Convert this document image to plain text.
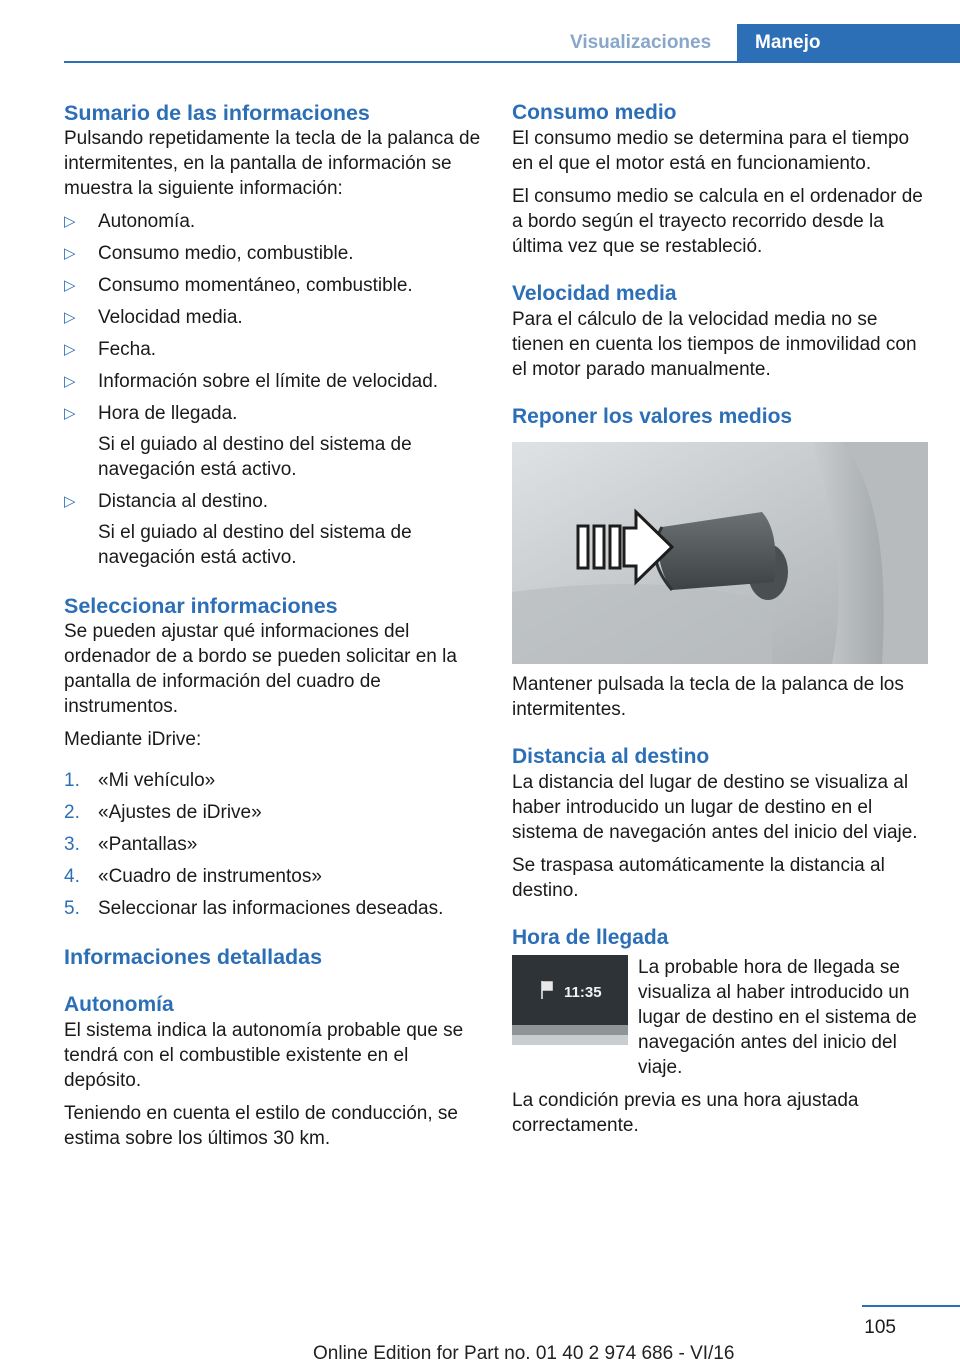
Visualizaciones	Manejo
Sumario de las informaciones

Pulsando repetidamente la tecla de la palanca de intermitentes, en la pantalla de información se muestra la siguiente información:

▷ Autonomía.
▷ Consumo medio, combustible.
▷ Consumo momentáneo, combustible.
▷ Velocidad media.
▷ Fecha.
▷ Información sobre el límite de velocidad.
▷ Hora de llegada.
Si el guiado al destino del sistema de navegación está activo.
▷ Distancia al destino.
Si el guiado al destino del sistema de navegación está activo.
Seleccionar informaciones

Se pueden ajustar qué informaciones del ordenador de a bordo se pueden solicitar en la pantalla de información del cuadro de instrumentos.

Mediante iDrive:

1. «Mi vehículo»
2. «Ajustes de iDrive»
3. «Pantallas»
4. «Cuadro de instrumentos»
5. Seleccionar las informaciones deseadas.
Informaciones detalladas
Autonomía

El sistema indica la autonomía probable que se tendrá con el combustible existente en el depósito.

Teniendo en cuenta el estilo de conducción, se estima sobre los últimos 30 km.

Consumo medio

El consumo medio se determina para el tiempo en el que el motor está en funcionamiento.

El consumo medio se calcula en el ordenador de a bordo según el trayecto recorrido desde la última vez que se restableció.

Velocidad media

Para el cálculo de la velocidad media no se tienen en cuenta los tiempos de inmovilidad con el motor parado manualmente.

Reponer los valores medios

Mantener pulsada la tecla de la palanca de los intermitentes.

Distancia al destino

La distancia del lugar de destino se visualiza al haber introducido un lugar de destino en el sistema de navegación antes del inicio del viaje.

Se traspasa automáticamente la distancia al destino.

Hora de llegada
11:35

La probable hora de llegada se visualiza al haber introducido un lugar de destino en el sistema de navegación antes del inicio del viaje.

La condición previa es una hora ajustada correctamente.

105
Online Edition for Part no. 01 40 2 974 686 - VI/16
